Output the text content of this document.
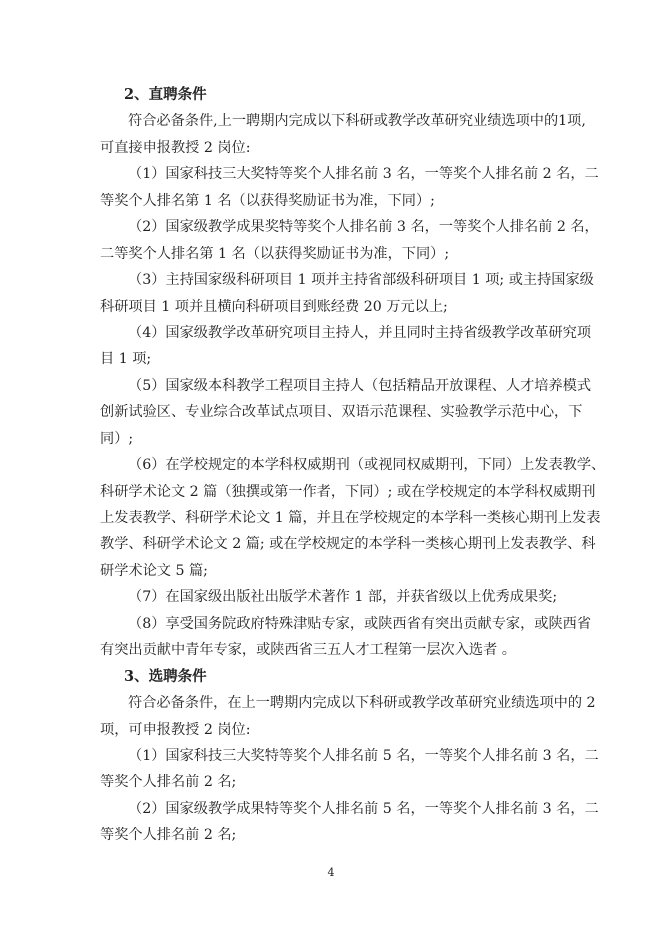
2、直聘条件
符合必备条件,上一聘期内完成以下科研或教学改革研究业绩选项中的1项,
可直接申报教授 2 岗位:
（1）国家科技三大奖特等奖个人排名前 3 名，一等奖个人排名前 2 名，二
等奖个人排名第 1 名（以获得奖励证书为准，下同）;
（2）国家级教学成果奖特等奖个人排名前 3 名，一等奖个人排名前 2 名，
二等奖个人排名第 1 名（以获得奖励证书为准，下同）;
（3）主持国家级科研项目 1 项并主持省部级科研项目 1 项; 或主持国家级
科研项目 1 项并且横向科研项目到账经费 20 万元以上;
（4）国家级教学改革研究项目主持人，并且同时主持省级教学改革研究项
目 1 项;
（5）国家级本科教学工程项目主持人（包括精品开放课程、人才培养模式
创新试验区、专业综合改革试点项目、双语示范课程、实验教学示范中心，下
同）;
（6）在学校规定的本学科权威期刊（或视同权威期刊，下同）上发表教学、
科研学术论文 2 篇（独撰或第一作者，下同）; 或在学校规定的本学科权威期刊
上发表教学、科研学术论文 1 篇，并且在学校规定的本学科一类核心期刊上发表
教学、科研学术论文 2 篇; 或在学校规定的本学科一类核心期刊上发表教学、科
研学术论文 5 篇;
（7）在国家级出版社出版学术著作 1 部，并获省级以上优秀成果奖;
（8）享受国务院政府特殊津贴专家，或陕西省有突出贡献专家，或陕西省
有突出贡献中青年专家，或陕西省三五人才工程第一层次入选者 。
3、选聘条件
符合必备条件，在上一聘期内完成以下科研或教学改革研究业绩选项中的 2
项，可申报教授 2 岗位:
（1）国家科技三大奖特等奖个人排名前 5 名，一等奖个人排名前 3 名，二
等奖个人排名前 2 名;
（2）国家级教学成果特等奖个人排名前 5 名，一等奖个人排名前 3 名，二
等奖个人排名前 2 名;
4
